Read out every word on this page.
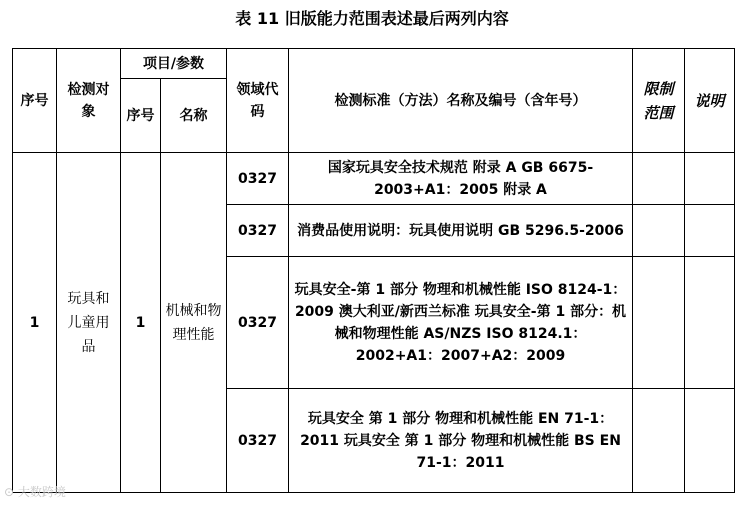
表 11 旧版能力范围表述最后两列内容
序号	检测对象	项目/参数		领域代码	检测标准（方法）名称及编号（含年号）	限制范围	说明
		序号	名称				
1	玩具和儿童用品	1	机械和物理性能	0327	国家玩具安全技术规范 附录 A GB 6675-2003+A1：2005 附录 A		
				0327	消费品使用说明：玩具使用说明 GB 5296.5-2006		
				0327	玩具安全-第 1 部分 物理和机械性能 ISO 8124-1：2009 澳大利亚/新西兰标准 玩具安全-第 1 部分：机械和物理性能 AS/NZS ISO 8124.1：2002+A1：2007+A2：2009		
				0327	玩具安全 第 1 部分 物理和机械性能 EN 71-1：2011 玩具安全 第 1 部分 物理和机械性能 BS EN 71-1：2011		
⊙ 大数跨境
